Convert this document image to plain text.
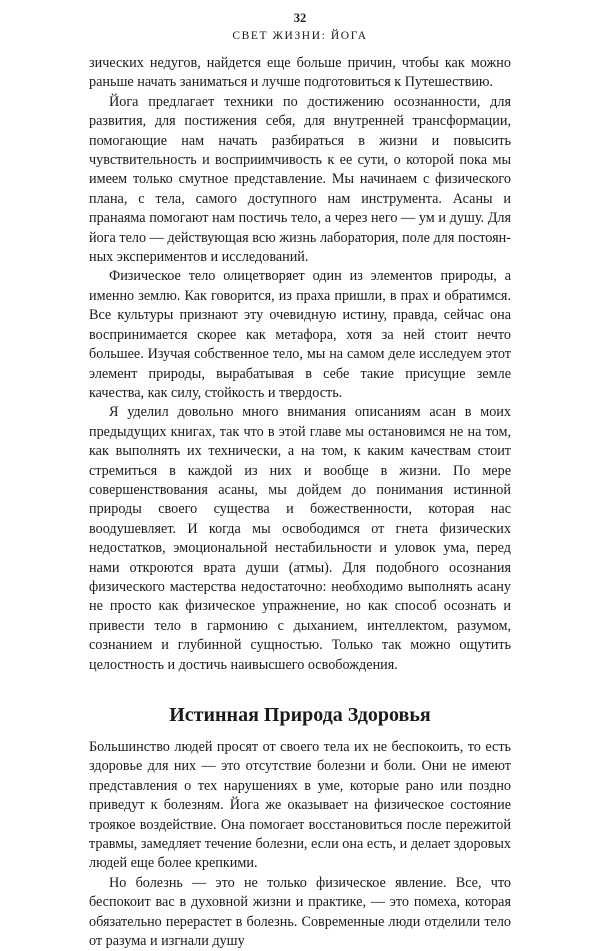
32
СВЕТ ЖИЗНИ: ЙОГА

зических недугов, найдется еще больше причин, чтобы как можно раньше начать заниматься и лучше подготовиться к Путешествию.

Йога предлагает техники по достижению осознанности, для развития, для постижения себя, для внутренней трансформации, помогающие нам начать разбираться в жизни и повысить чувствительность и восприимчивость к ее сути, о которой пока мы имеем только смутное представление. Мы начинаем с физического плана, с тела, самого доступного нам инструмента. Асаны и пранаяма помогают нам постичь тело, а через него — ум и душу. Для йога тело — действующая всю жизнь лаборатория, поле для постоянных экспериментов и исследований.

Физическое тело олицетворяет один из элементов природы, а именно землю. Как говорится, из праха пришли, в прах и обратимся. Все культуры признают эту очевидную истину, правда, сейчас она воспринимается скорее как метафора, хотя за ней стоит нечто большее. Изучая собственное тело, мы на самом деле исследуем этот элемент природы, вырабатывая в себе такие присущие земле качества, как силу, стойкость и твердость.

Я уделил довольно много внимания описаниям асан в моих предыдущих книгах, так что в этой главе мы остановимся не на том, как выполнять их технически, а на том, к каким качествам стоит стремиться в каждой из них и вообще в жизни. По мере совершенствования асаны, мы дойдем до понимания истинной природы своего существа и божественности, которая нас воодушевляет. И когда мы освободимся от гнета физических недостатков, эмоциональной нестабильности и уловок ума, перед нами откроются врата души (атмы). Для подобного осознания физического мастерства недостаточно: необходимо выполнять асану не просто как физическое упражнение, но как способ осознать и привести тело в гармонию с дыханием, интеллектом, разумом, сознанием и глубинной сущностью. Только так можно ощутить целостность и достичь наивысшего освобождения.

Истинная Природа Здоровья

Большинство людей просят от своего тела их не беспокоить, то есть здоровье для них — это отсутствие болезни и боли. Они не имеют представления о тех нарушениях в уме, которые рано или поздно приведут к болезням. Йога же оказывает на физическое состояние троякое воздействие. Она помогает восстановиться после пережитой травмы, замедляет течение болезни, если она есть, и делает здоровых людей еще более крепкими.

Но болезнь — это не только физическое явление. Все, что беспокоит вас в духовной жизни и практике, — это помеха, которая обязательно перерастет в болезнь. Современные люди отделили тело от разума и изгнали душу
